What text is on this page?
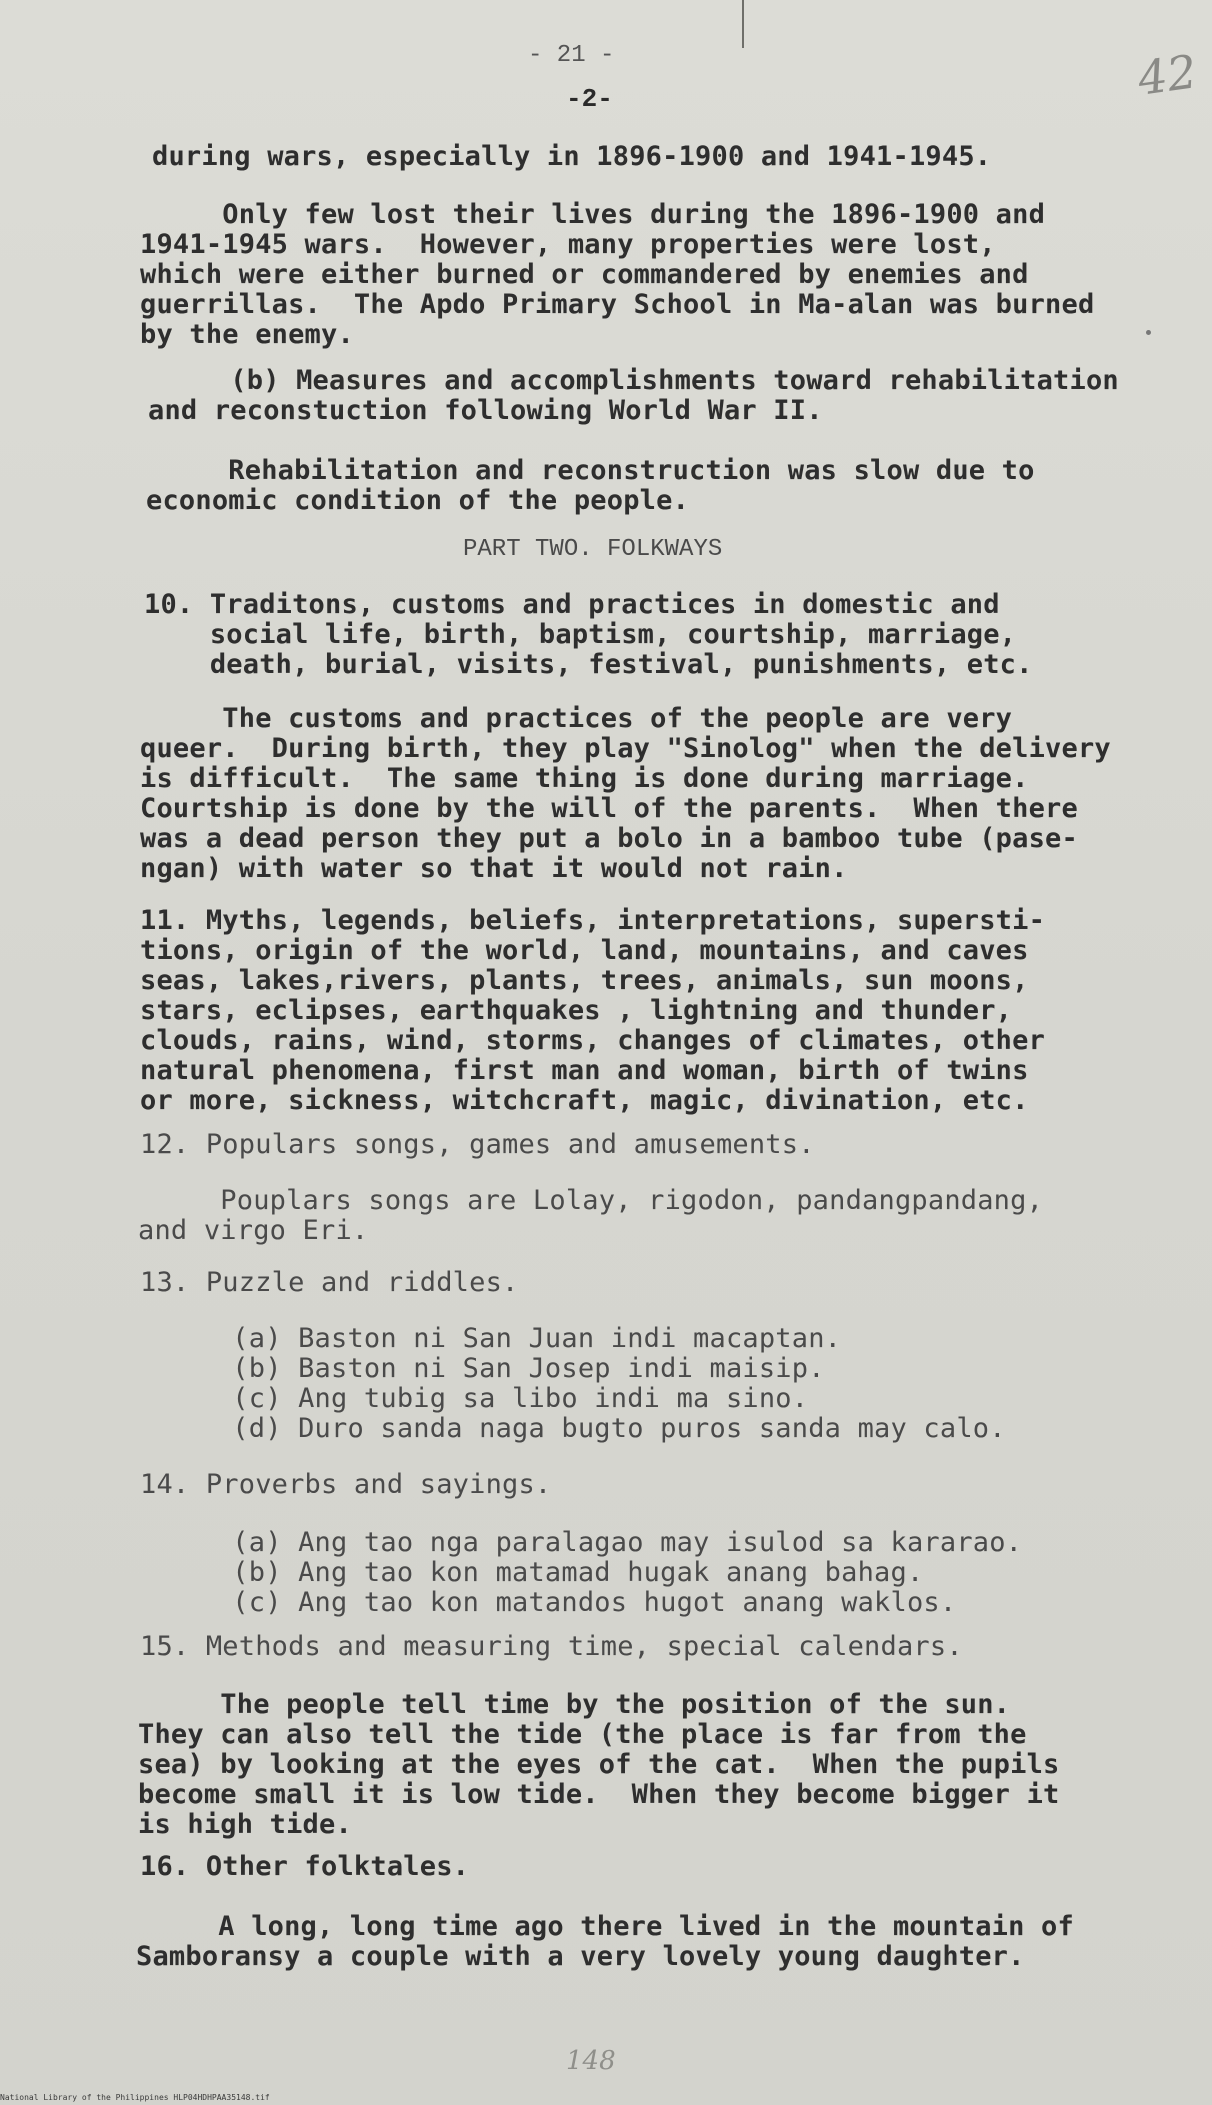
- 21 -
-2-	42
during wars, especially in 1896-1900 and 1941-1945.
Only few lost their lives during the 1896-1900 and
1941-1945 wars.  However, many properties were lost,
which were either burned or commandered by enemies and
guerrillas.  The Apdo Primary School in Ma-alan was burned
by the enemy.
(b) Measures and accomplishments toward rehabilitation
and reconstuction following World War II.
Rehabilitation and reconstruction was slow due to
economic condition of the people.
PART TWO. FOLKWAYS
10. Traditons, customs and practices in domestic and
social life, birth, baptism, courtship, marriage,
death, burial, visits, festival, punishments, etc.
The customs and practices of the people are very
queer.  During birth, they play "Sinolog" when the delivery
is difficult.  The same thing is done during marriage.
Courtship is done by the will of the parents.  When there
was a dead person they put a bolo in a bamboo tube (pase-
ngan) with water so that it would not rain.
11. Myths, legends, beliefs, interpretations, supersti-
tions, origin of the world, land, mountains, and caves
seas, lakes,rivers, plants, trees, animals, sun moons,
stars, eclipses, earthquakes , lightning and thunder,
clouds, rains, wind, storms, changes of climates, other
natural phenomena, first man and woman, birth of twins
or more, sickness, witchcraft, magic, divination, etc.
12. Populars songs, games and amusements.
Pouplars songs are Lolay, rigodon, pandangpandang,
and virgo Eri.
13. Puzzle and riddles.
(a) Baston ni San Juan indi macaptan.
(b) Baston ni San Josep indi maisip.
(c) Ang tubig sa libo indi ma sino.
(d) Duro sanda naga bugto puros sanda may calo.
14. Proverbs and sayings.
(a) Ang tao nga paralagao may isulod sa kararao.
(b) Ang tao kon matamad hugak anang bahag.
(c) Ang tao kon matandos hugot anang waklos.
15. Methods and measuring time, special calendars.
The people tell time by the position of the sun.
They can also tell the tide (the place is far from the
sea) by looking at the eyes of the cat.  When the pupils
become small it is low tide.  When they become bigger it
is high tide.
16. Other folktales.
A long, long time ago there lived in the mountain of
Samboransy a couple with a very lovely young daughter.
148
National Library of the Philippines HLP04HDHPAA35148.tif
